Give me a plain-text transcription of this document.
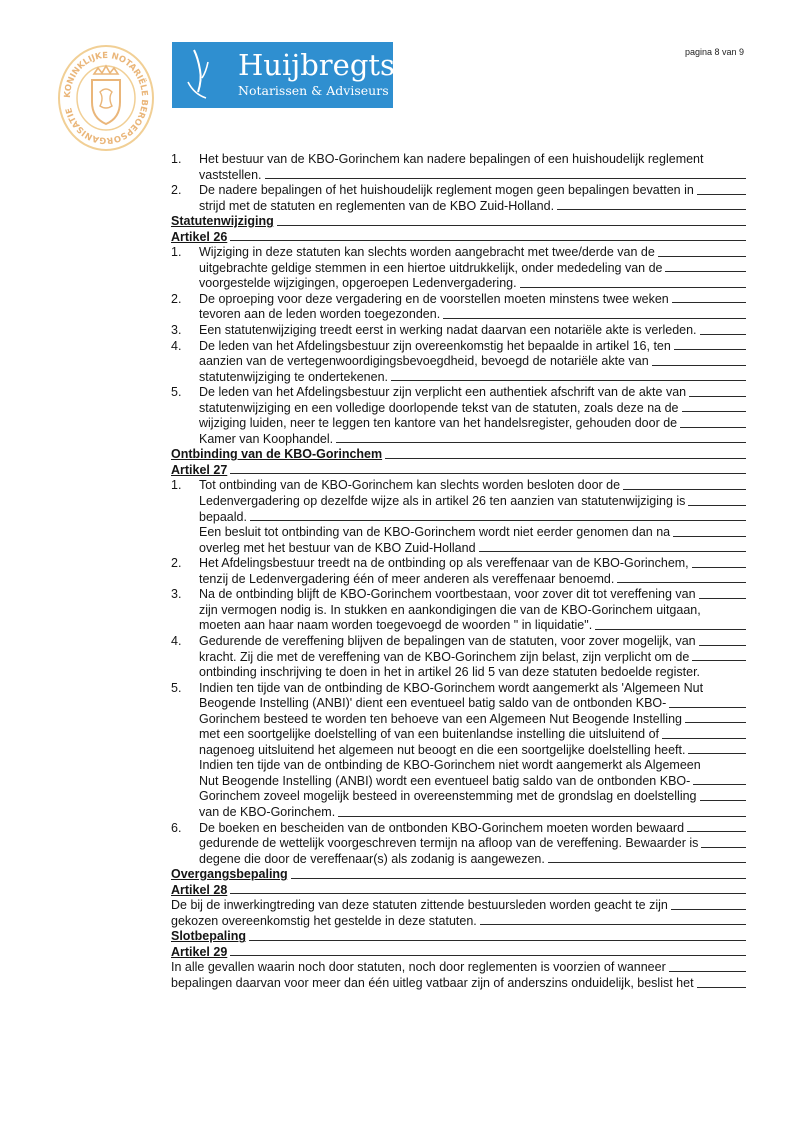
KONINKLIJKE NOTARIËLE BEROEPSORGANISATIE
Huijbregts
Notarissen & Adviseurs
pagina 8 van 9
1. Het bestuur van de KBO-Gorinchem kan nadere bepalingen of een huishoudelijk reglement
vaststellen.
2. De nadere bepalingen of het huishoudelijk reglement mogen geen bepalingen bevatten in
strijd met de statuten en reglementen van de KBO Zuid-Holland.
Statutenwijziging
Artikel 26
1. Wijziging in deze statuten kan slechts worden aangebracht met twee/derde van de
uitgebrachte geldige stemmen in een hiertoe uitdrukkelijk, onder mededeling van de
voorgestelde wijzigingen, opgeroepen Ledenvergadering.
2. De oproeping voor deze vergadering en de voorstellen moeten minstens twee weken
tevoren aan de leden worden toegezonden.
3. Een statutenwijziging treedt eerst in werking nadat daarvan een notariële akte is verleden.
4. De leden van het Afdelingsbestuur zijn overeenkomstig het bepaalde in artikel 16, ten
aanzien van de vertegenwoordigingsbevoegdheid, bevoegd de notariële akte van
statutenwijziging te ondertekenen.
5. De leden van het Afdelingsbestuur zijn verplicht een authentiek afschrift van de akte van
statutenwijziging en een volledige doorlopende tekst van de statuten, zoals deze na de
wijziging luiden, neer te leggen ten kantore van het handelsregister, gehouden door de
Kamer van Koophandel.
Ontbinding van de KBO-Gorinchem
Artikel 27
1. Tot ontbinding van de KBO-Gorinchem kan slechts worden besloten door de
Ledenvergadering op dezelfde wijze als in artikel 26 ten aanzien van statutenwijziging is
bepaald.
Een besluit tot ontbinding van de KBO-Gorinchem wordt niet eerder genomen dan na
overleg met het bestuur van de KBO Zuid-Holland
2. Het Afdelingsbestuur treedt na de ontbinding op als vereffenaar van de KBO-Gorinchem,
tenzij de Ledenvergadering één of meer anderen als vereffenaar benoemd.
3. Na de ontbinding blijft de KBO-Gorinchem voortbestaan, voor zover dit tot vereffening van
zijn vermogen nodig is. In stukken en aankondigingen die van de KBO-Gorinchem uitgaan,
moeten aan haar naam worden toegevoegd de woorden " in liquidatie".
4. Gedurende de vereffening blijven de bepalingen van de statuten, voor zover mogelijk, van
kracht. Zij die met de vereffening van de KBO-Gorinchem zijn belast, zijn verplicht om de
ontbinding inschrijving te doen in het in artikel 26 lid 5 van deze statuten bedoelde register.
5. Indien ten tijde van de ontbinding de KBO-Gorinchem wordt aangemerkt als 'Algemeen Nut
Beogende Instelling (ANBI)' dient een eventueel batig saldo van de ontbonden KBO-
Gorinchem besteed te worden ten behoeve van een Algemeen Nut Beogende Instelling
met een soortgelijke doelstelling of van een buitenlandse instelling die uitsluitend of
nagenoeg uitsluitend het algemeen nut beoogt en die een soortgelijke doelstelling heeft.
Indien ten tijde van de ontbinding de KBO-Gorinchem niet wordt aangemerkt als Algemeen
Nut Beogende Instelling (ANBI) wordt een eventueel batig saldo van de ontbonden KBO-
Gorinchem zoveel mogelijk besteed in overeenstemming met de grondslag en doelstelling
van de KBO-Gorinchem.
6. De boeken en bescheiden van de ontbonden KBO-Gorinchem moeten worden bewaard
gedurende de wettelijk voorgeschreven termijn na afloop van de vereffening. Bewaarder is
degene die door de vereffenaar(s) als zodanig is aangewezen.
Overgangsbepaling
Artikel 28
De bij de inwerkingtreding van deze statuten zittende bestuursleden worden geacht te zijn
gekozen overeenkomstig het gestelde in deze statuten.
Slotbepaling
Artikel 29
In alle gevallen waarin noch door statuten, noch door reglementen is voorzien of wanneer
bepalingen daarvan voor meer dan één uitleg vatbaar zijn of anderszins onduidelijk, beslist het
